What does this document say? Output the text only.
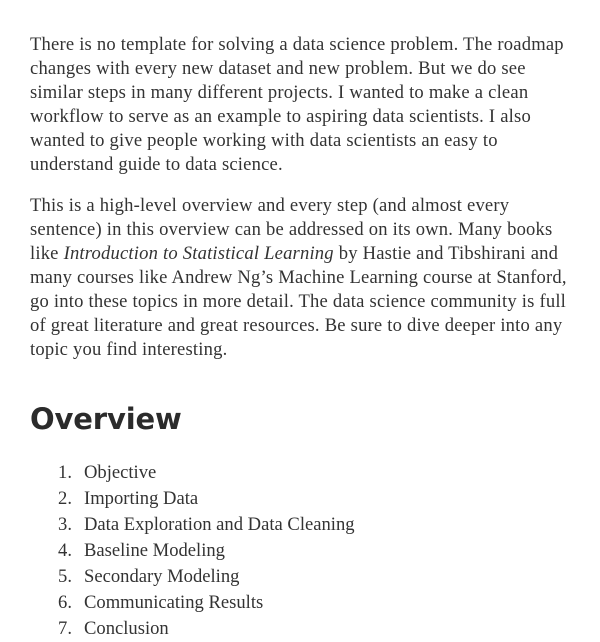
There is no template for solving a data science problem. The roadmap changes with every new dataset and new problem. But we do see similar steps in many different projects. I wanted to make a clean workflow to serve as an example to aspiring data scientists. I also wanted to give people working with data scientists an easy to understand guide to data science.

This is a high-level overview and every step (and almost every sentence) in this overview can be addressed on its own. Many books like Introduction to Statistical Learning by Hastie and Tibshirani and many courses like Andrew Ng’s Machine Learning course at Stanford, go into these topics in more detail. The data science community is full of great literature and great resources. Be sure to dive deeper into any topic you find interesting.

Overview
1. Objective
2. Importing Data
3. Data Exploration and Data Cleaning
4. Baseline Modeling
5. Secondary Modeling
6. Communicating Results
7. Conclusion
